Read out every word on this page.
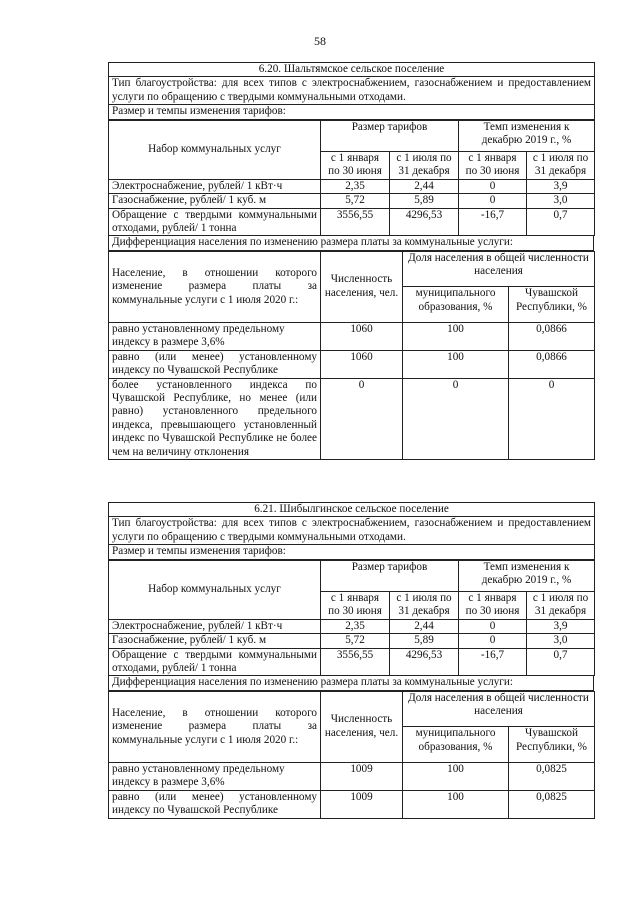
58
6.20. Шальтямское сельское поселение
Тип благоустройства: для всех типов с электроснабжением, газоснабжением и предоставлением услуги по обращению с твердыми коммунальными отходами.
Размер и темпы изменения тарифов:
Набор коммунальных услуг	Размер тарифов		Темп изменения к декабрю 2019 г., %	
	с 1 января по 30 июня	с 1 июля по 31 декабря	с 1 января по 30 июня	с 1 июля по 31 декабря
Электроснабжение, рублей/ 1 кВт·ч	2,35	2,44	0	3,9
Газоснабжение, рублей/ 1 куб. м	5,72	5,89	0	3,0
Обращение с твердыми коммунальными отходами, рублей/ 1 тонна	3556,55	4296,53	-16,7	0,7
Дифференциация населения по изменению размера платы за коммунальные услуги:
Население, в отношении которого изменение размера платы за коммунальные услуги с 1 июля 2020 г.:	Численность населения, чел.	Доля населения в общей численности населения	
		муниципального образования, %	Чувашской Республики, %
равно установленному предельному индексу в размере 3,6%	1060	100	0,0866
равно (или менее) установленному индексу по Чувашской Республике	1060	100	0,0866
более установленного индекса по Чувашской Республике, но менее (или равно) установленного предельного индекса, превышающего установленный индекс по Чувашской Республике не более чем на величину отклонения	0	0	0
6.21. Шибылгинское сельское поселение
Тип благоустройства: для всех типов с электроснабжением, газоснабжением и предоставлением услуги по обращению с твердыми коммунальными отходами.
Размер и темпы изменения тарифов:
Набор коммунальных услуг	Размер тарифов		Темп изменения к декабрю 2019 г., %	
	с 1 января по 30 июня	с 1 июля по 31 декабря	с 1 января по 30 июня	с 1 июля по 31 декабря
Электроснабжение, рублей/ 1 кВт·ч	2,35	2,44	0	3,9
Газоснабжение, рублей/ 1 куб. м	5,72	5,89	0	3,0
Обращение с твердыми коммунальными отходами, рублей/ 1 тонна	3556,55	4296,53	-16,7	0,7
Дифференциация населения по изменению размера платы за коммунальные услуги:
Население, в отношении которого изменение размера платы за коммунальные услуги с 1 июля 2020 г.:	Численность населения, чел.	Доля населения в общей численности населения	
		муниципального образования, %	Чувашской Республики, %
равно установленному предельному индексу в размере 3,6%	1009	100	0,0825
равно (или менее) установленному индексу по Чувашской Республике	1009	100	0,0825
